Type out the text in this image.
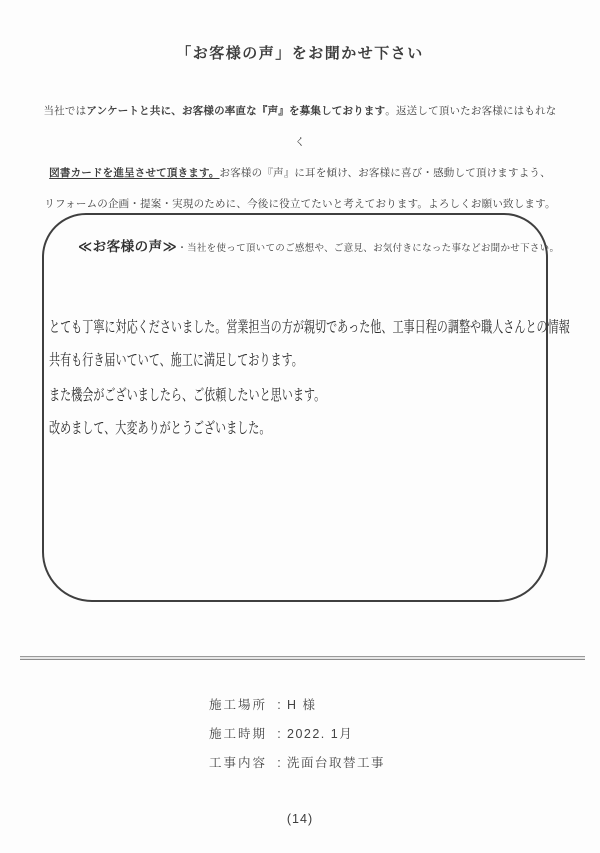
「お客様の声」をお聞かせ下さい
当社ではアンケートと共に、お客様の率直な『声』を募集しております。返送して頂いたお客様にはもれなく
図書カードを進呈させて頂きます。お客様の『声』に耳を傾け、お客様に喜び・感動して頂けますよう、
リフォームの企画・提案・実現のために、今後に役立てたいと考えております。よろしくお願い致します。
≪お客様の声≫・当社を使って頂いてのご感想や、ご意見、お気付きになった事などお聞かせ下さい。
とても丁寧に対応くださいました。営業担当の方が親切であった他、工事日程の調整や職人さんとの情報
共有も行き届いていて、施工に満足しております。
また機会がございましたら、ご依頼したいと思います。
改めまして、大変ありがとうございました。
施工場所 : H 様
施工時期 : 2022. 1月
工事内容 : 洗面台取替工事
(14)
